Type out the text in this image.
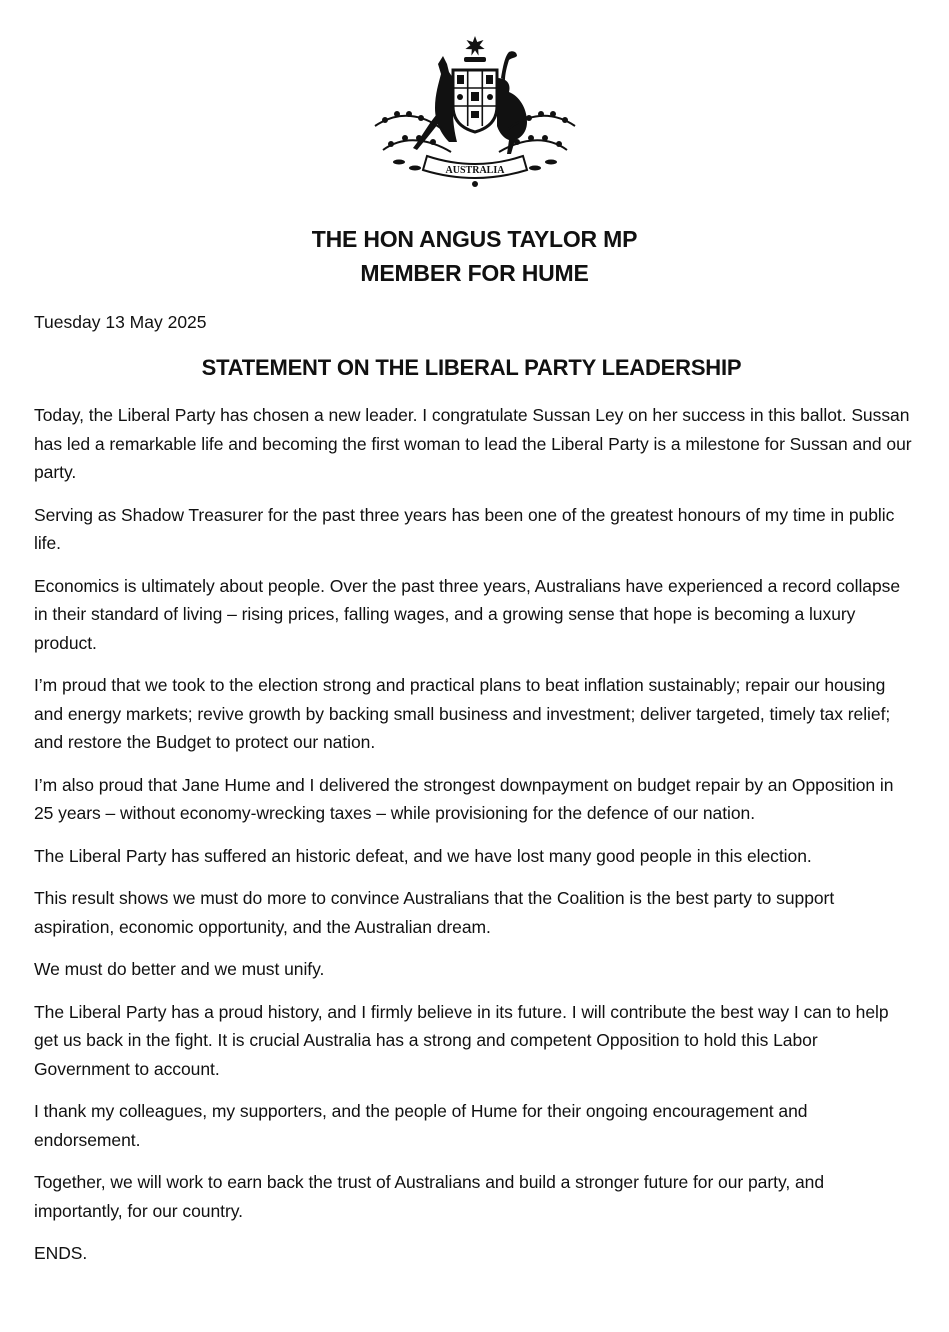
AUSTRALIA
THE HON ANGUS TAYLOR MP
MEMBER FOR HUME
Tuesday 13 May 2025
STATEMENT ON THE LIBERAL PARTY LEADERSHIP

Today, the Liberal Party has chosen a new leader. I congratulate Sussan Ley on her success in this ballot. Sussan has led a remarkable life and becoming the first woman to lead the Liberal Party is a milestone for Sussan and our party.

Serving as Shadow Treasurer for the past three years has been one of the greatest honours of my time in public life.

Economics is ultimately about people. Over the past three years, Australians have experienced a record collapse in their standard of living – rising prices, falling wages, and a growing sense that hope is becoming a luxury product.

I’m proud that we took to the election strong and practical plans to beat inflation sustainably; repair our housing and energy markets; revive growth by backing small business and investment; deliver targeted, timely tax relief; and restore the Budget to protect our nation.

I’m also proud that Jane Hume and I delivered the strongest downpayment on budget repair by an Opposition in 25 years – without economy-wrecking taxes – while provisioning for the defence of our nation.

The Liberal Party has suffered an historic defeat, and we have lost many good people in this election.

This result shows we must do more to convince Australians that the Coalition is the best party to support aspiration, economic opportunity, and the Australian dream.

We must do better and we must unify.

The Liberal Party has a proud history, and I firmly believe in its future. I will contribute the best way I can to help get us back in the fight. It is crucial Australia has a strong and competent Opposition to hold this Labor Government to account.

I thank my colleagues, my supporters, and the people of Hume for their ongoing encouragement and endorsement.

Together, we will work to earn back the trust of Australians and build a stronger future for our party, and importantly, for our country.

ENDS.
